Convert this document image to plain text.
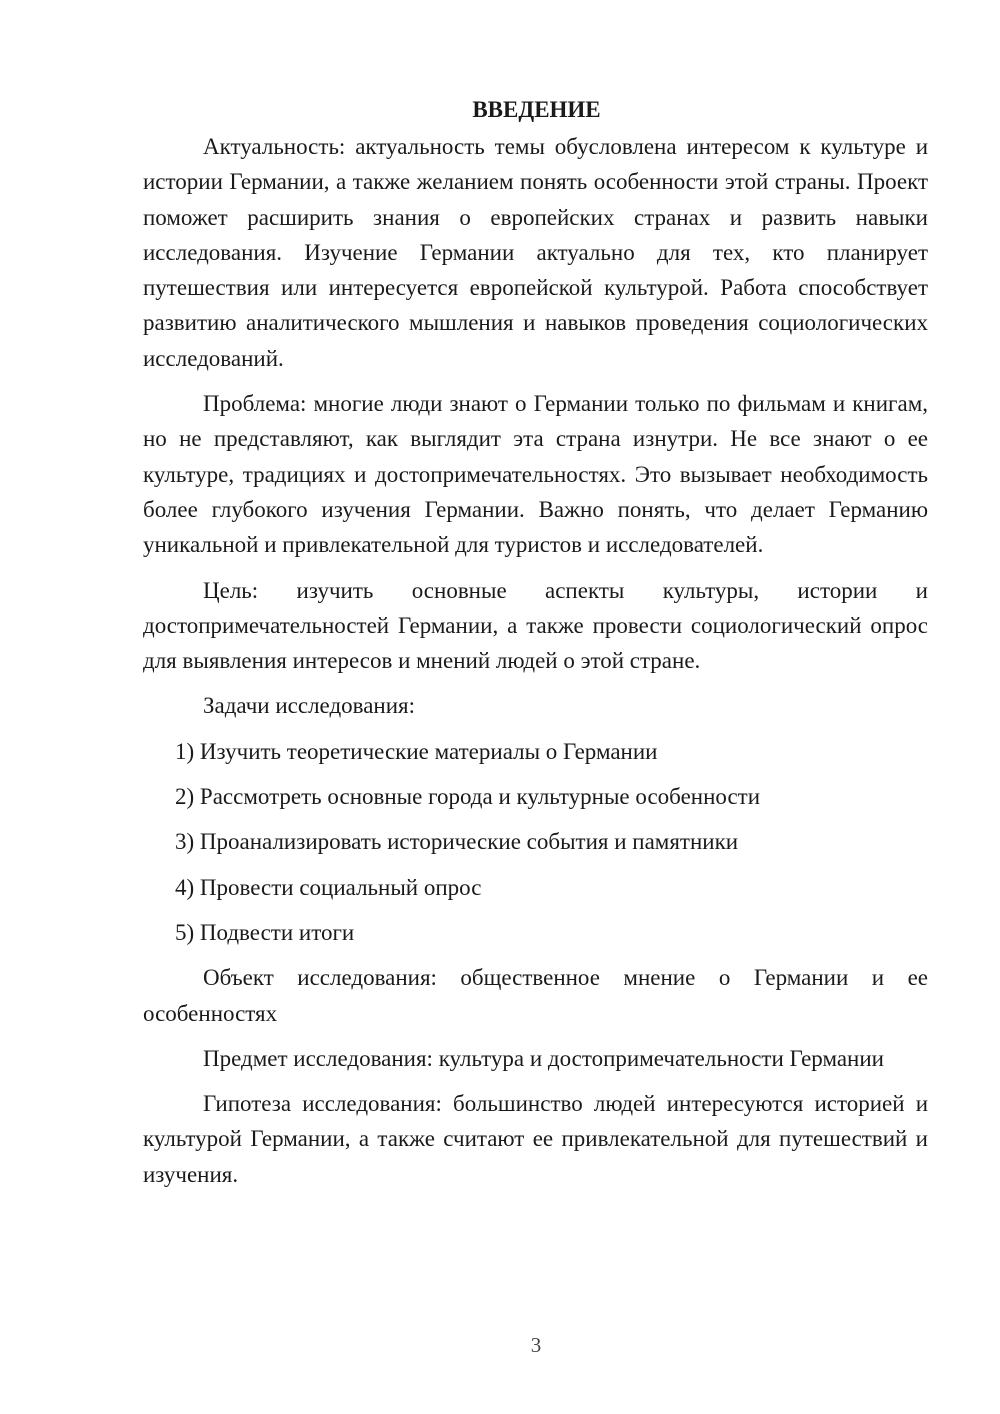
ВВЕДЕНИЕ

Актуальность: актуальность темы обусловлена интересом к культуре и истории Германии, а также желанием понять особенности этой страны. Проект поможет расширить знания о европейских странах и развить навыки исследования. Изучение Германии актуально для тех, кто планирует путешествия или интересуется европейской культурой. Работа способствует развитию аналитического мышления и навыков проведения социологических исследований.

Проблема: многие люди знают о Германии только по фильмам и книгам, но не представляют, как выглядит эта страна изнутри. Не все знают о ее культуре, традициях и достопримечательностях. Это вызывает необходимость более глубокого изучения Германии. Важно понять, что делает Германию уникальной и привлекательной для туристов и исследователей.

Цель: изучить основные аспекты культуры, истории и достопримечательностей Германии, а также провести социологический опрос для выявления интересов и мнений людей о этой стране.

Задачи исследования:
1) Изучить теоретические материалы о Германии
2) Рассмотреть основные города и культурные особенности
3) Проанализировать исторические события и памятники
4) Провести социальный опрос
5) Подвести итоги

Объект исследования: общественное мнение о Германии и ее особенностях

Предмет исследования: культура и достопримечательности Германии

Гипотеза исследования: большинство людей интересуются историей и культурой Германии, а также считают ее привлекательной для путешествий и изучения.

3
